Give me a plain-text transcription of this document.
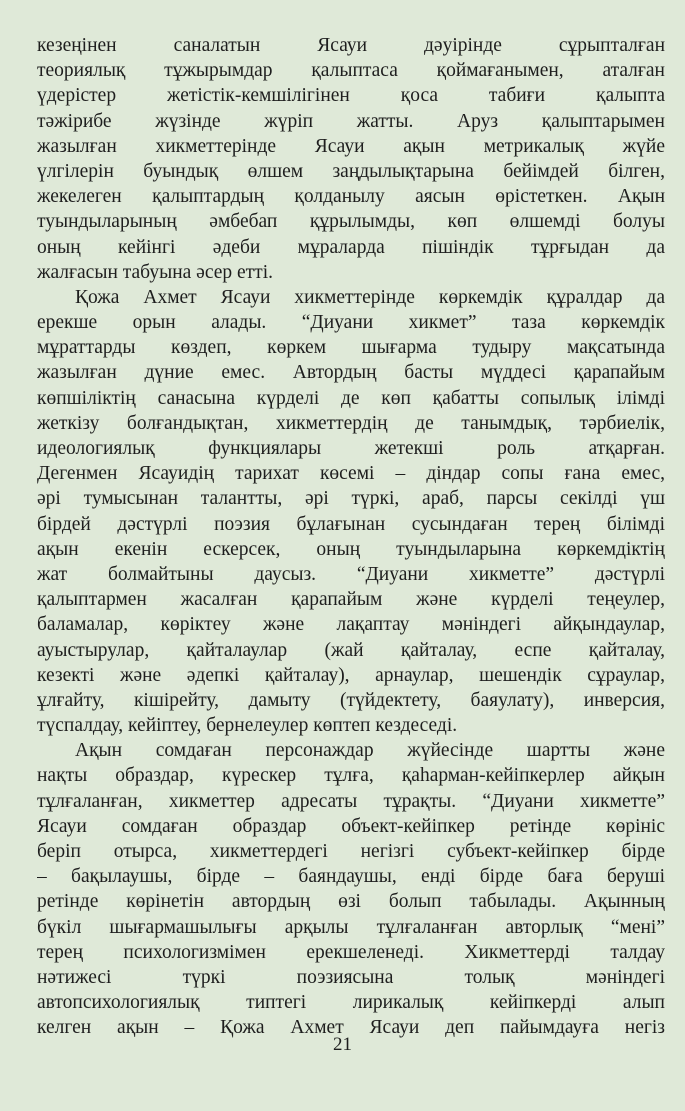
кезеңінен саналатын Ясауи дәуірінде сұрыпталған
теориялық тұжырымдар қалыптаса қоймағанымен, аталған
үдерістер жетістік-кемшілігінен қоса табиғи қалыпта
тәжірибе жүзінде жүріп жатты. Аруз қалыптарымен
жазылған хикметтерінде Ясауи ақын метрикалық жүйе
үлгілерін буындық өлшем заңдылықтарына бейімдей білген,
жекелеген қалыптардың қолданылу аясын өрістеткен. Ақын
туындыларының әмбебап құрылымды, көп өлшемді болуы
оның кейінгі әдеби мұраларда пішіндік тұрғыдан да
жалғасын табуына әсер етті.
Қожа Ахмет Ясауи хикметтерінде көркемдік құралдар да
ерекше орын алады. “Диуани хикмет” таза көркемдік
мұраттарды көздеп, көркем шығарма тудыру мақсатында
жазылған дүние емес. Автордың басты мүддесі қарапайым
көпшіліктің санасына күрделі де көп қабатты сопылық ілімді
жеткізу болғандықтан, хикметтердің де танымдық, тәрбиелік,
идеологиялық функциялары жетекші роль атқарған.
Дегенмен Ясауидің тарихат көсемі – діндар сопы ғана емес,
әрі тумысынан талантты, әрі түркі, араб, парсы секілді үш
бірдей дәстүрлі поэзия бұлағынан сусындаған терең білімді
ақын екенін ескерсек, оның туындыларына көркемдіктің
жат болмайтыны даусыз. “Диуани хикметте” дәстүрлі
қалыптармен жасалған қарапайым және күрделі теңеулер,
баламалар, көріктеу және лақаптау мәніндегі айқындаулар,
ауыстырулар, қайталаулар (жай қайталау, еспе қайталау,
кезекті және әдепкі қайталау), арнаулар, шешендік сұраулар,
ұлғайту, кішірейту, дамыту (түйдектету, баяулату), инверсия,
түспалдау, кейіптеу, бернелеулер көптеп кездеседі.
Ақын сомдаған персонаждар жүйесінде шартты және
нақты образдар, күрескер тұлға, қаһарман-кейіпкерлер айқын
тұлғаланған, хикметтер адресаты тұрақты. “Диуани хикметте”
Ясауи сомдаған образдар объект-кейіпкер ретінде көрініс
беріп отырса, хикметтердегі негізгі субъект-кейіпкер бірде
– бақылаушы, бірде – баяндаушы, енді бірде баға беруші
ретінде көрінетін автордың өзі болып табылады. Ақынның
бүкіл шығармашылығы арқылы тұлғаланған авторлық “мені”
терең психологизмімен ерекшеленеді. Хикметтерді талдау
нәтижесі түркі поэзиясына толық мәніндегі
автопсихологиялық типтегі лирикалық кейіпкерді алып
келген ақын – Қожа Ахмет Ясауи деп пайымдауға негіз
21
